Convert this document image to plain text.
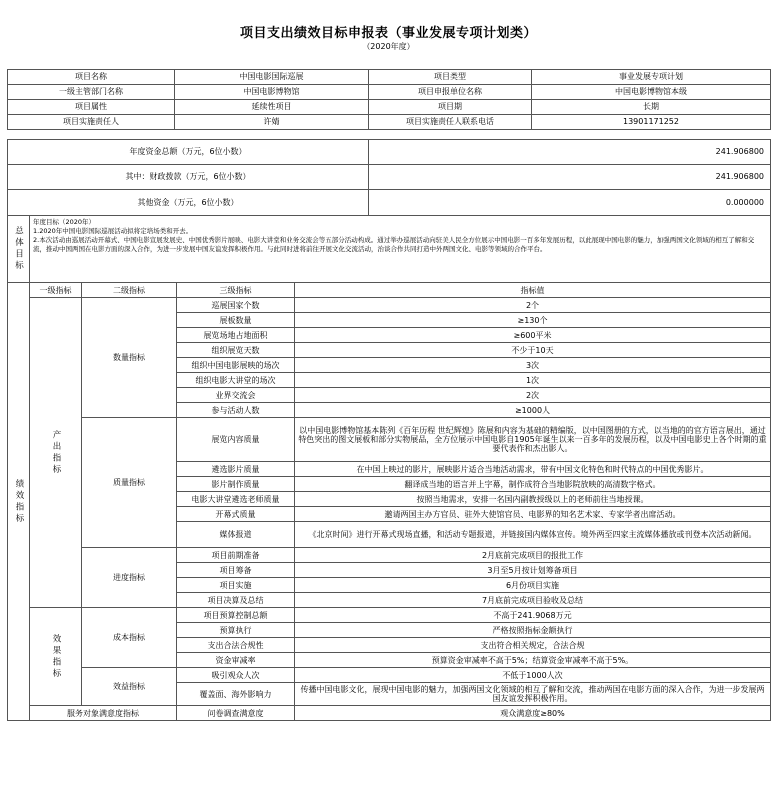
项目支出绩效目标申报表（事业发展专项计划类）
（2020年度）
项目名称	中国电影国际巡展	项目类型	事业发展专项计划
一级主管部门名称	中国电影博物馆	项目申报单位名称	中国电影博物馆本级
项目属性	延续性项目	项目期	长期
项目实施责任人	许婧	项目实施责任人联系电话	13901171252
年度资金总额（万元，6位小数）	241.906800
其中：财政拨款（万元，6位小数）	241.906800
其他资金（万元，6位小数）	0.000000
总体目标	
年度目标（2020年）
1.2020年中国电影国际巡展活动拟将定培场类和开去。
2.本次活动由巡展活动开幕式、中国电影宣展发展史、中国优秀影片展映、电影大讲堂和业务交流会等五部分活动构成。通过举办巡展活动向驻美人民全方位展示中国电影一百多年发展历程，以此展现中国电影的魅力，加强两国文化领域的相互了解和交流，推动中国两国在电影方面的深入合作，为进一步发展中国友谊发挥积极作用。与此同时进将前往开展文化交流活动，治谈合作共同打造中外两国文化、电影等领域的合作平台。
绩效指标	一级指标	二级指标	三级指标	指标值
	产出指标	数量指标	巡展国家个数	2个
			展板数量	≥130个
			展览场地占地面积	≥600平米
			组织展览天数	不少于10天
			组织中国电影展映的场次	3次
			组织电影大讲堂的场次	1次
			业界交流会	2次
			参与活动人数	≥1000人
		质量指标	展览内容质量	以中国电影博物馆基本陈列《百年历程 世纪辉煌》陈展和内容为基础的精编版，以中国图册的方式，以当地的的官方语言展出，通过特色突出的图文展板和部分实物展品，全方位展示中国电影自1905年诞生以来一百多年的发展历程，以及中国电影史上各个时期的重要代表作和杰出影人。
			遴选影片质量	在中国上映过的影片，展映影片适合当地活动需求，带有中国文化特色和时代特点的中国优秀影片。
			影片制作质量	翻译成当地的语言并上字幕，制作成符合当地影院放映的高清数字格式。
			电影大讲堂遴选老师质量	按照当地需求，安排一名国内副教授级以上的老师前往当地授课。
			开幕式质量	邀请两国主办方官员、驻外大使馆官员、电影界的知名艺术家、专家学者出席活动。
			媒体报道	《北京时间》进行开幕式现场直播，和活动专题报道，并链接国内媒体宣传。境外两至四家主流媒体播放或刊登本次活动新闻。
		进度指标	项目前期准备	2月底前完成项目的报批工作
			项目筹备	3月至5月按计划筹备项目
			项目实施	6月份项目实施
			项目决算及总结	7月底前完成项目验收及总结
	效果指标	成本指标	项目预算控制总额	不高于241.9068万元
			预算执行	严格按照指标金额执行
			支出合法合规性	支出符合相关规定，合法合规
			资金审减率	预算资金审减率不高于5%；结算资金审减率不高于5%。
		效益指标	吸引观众人次	不低于1000人次
			覆盖面、海外影响力	传播中国电影文化，展现中国电影的魅力，加强两国文化领域的相互了解和交流，推动两国在电影方面的深入合作，为进一步发展两国友谊发挥积极作用。
	服务对象满意度指标		问卷调查满意度	观众满意度≥80%
